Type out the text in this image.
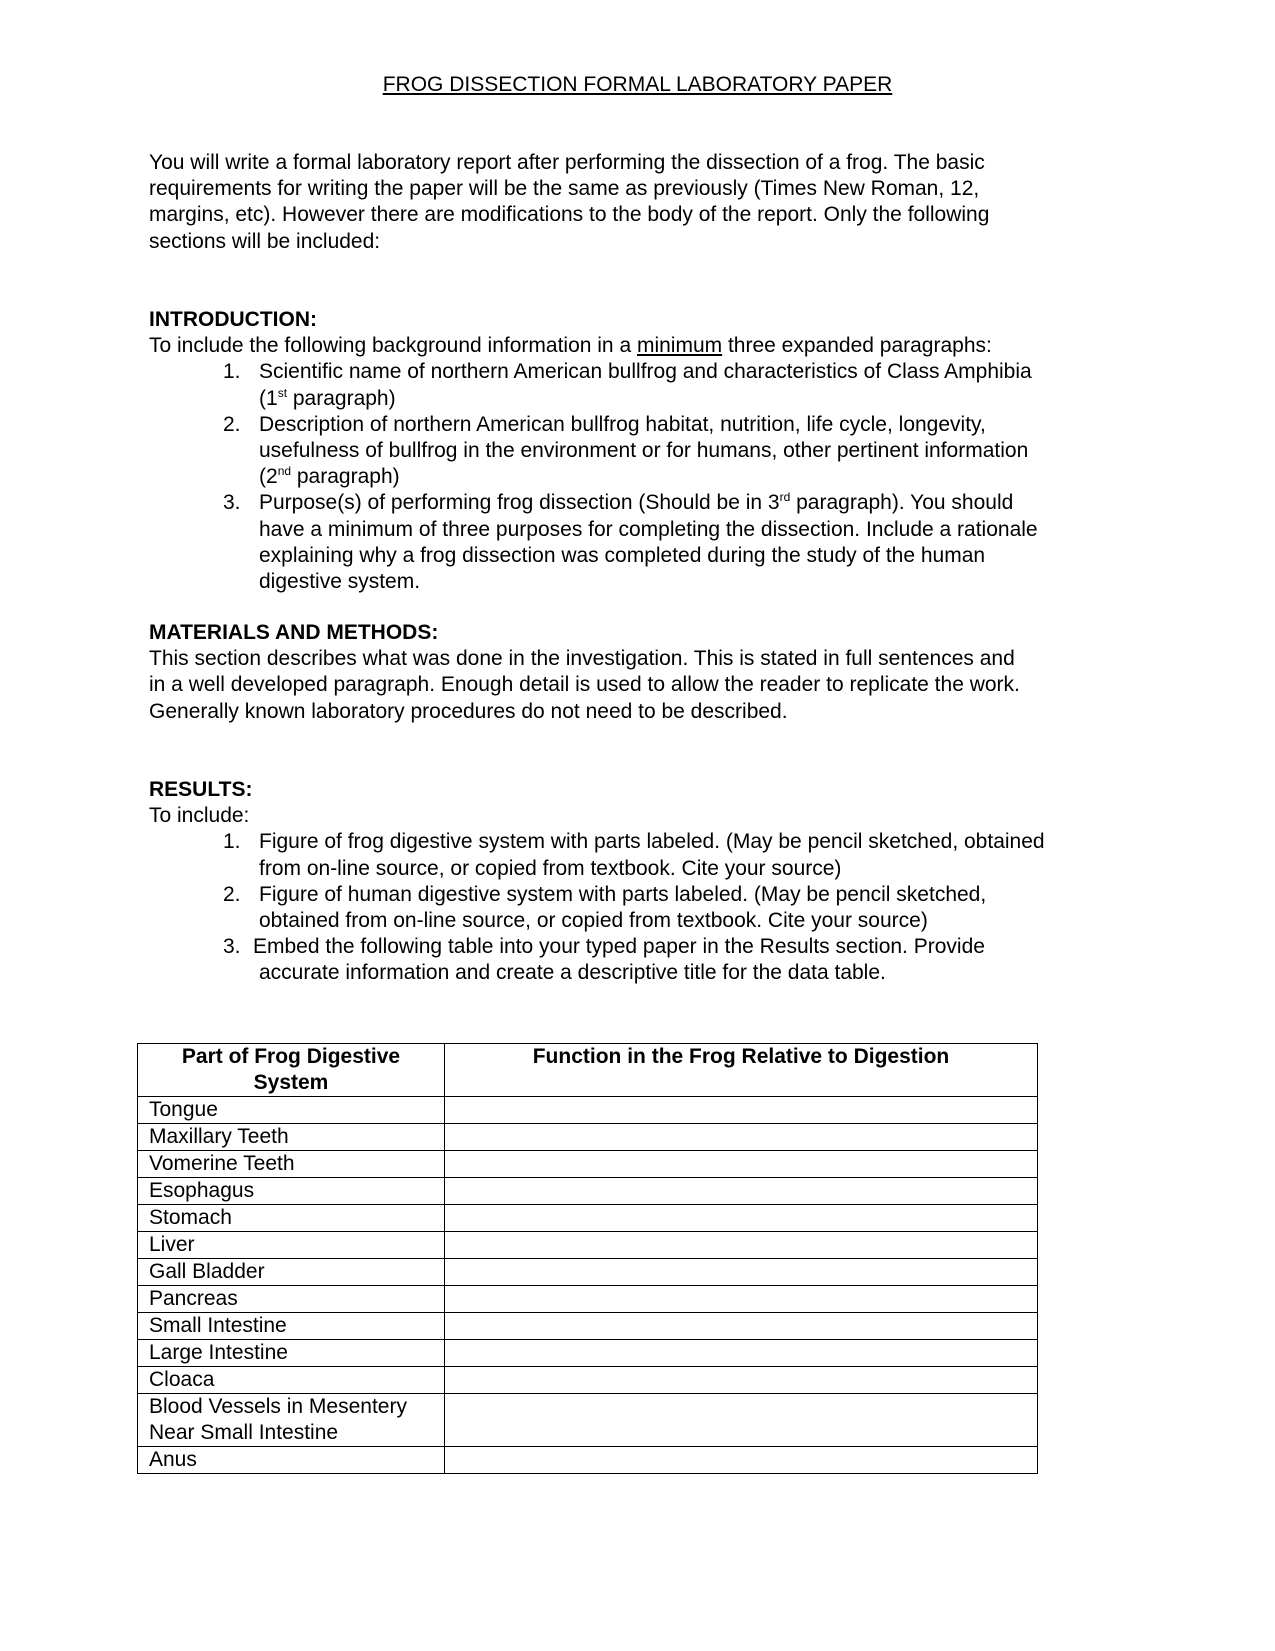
FROG DISSECTION FORMAL LABORATORY PAPER

You will write a formal laboratory report after performing the dissection of a frog. The basic

requirements for writing the paper will be the same as previously (Times New Roman, 12,

margins, etc). However there are modifications to the body of the report. Only the following

sections will be included:

INTRODUCTION:

To include the following background information in a minimum three expanded paragraphs:

1. Scientific name of northern American bullfrog and characteristics of Class Amphibia
(1st paragraph)
2. Description of northern American bullfrog habitat, nutrition, life cycle, longevity,
usefulness of bullfrog in the environment or for humans, other pertinent information
(2nd paragraph)
3. Purpose(s) of performing frog dissection (Should be in 3rd paragraph). You should
have a minimum of three purposes for completing the dissection. Include a rationale
explaining why a frog dissection was completed during the study of the human
digestive system.

MATERIALS AND METHODS:

This section describes what was done in the investigation. This is stated in full sentences and

in a well developed paragraph. Enough detail is used to allow the reader to replicate the work.

Generally known laboratory procedures do not need to be described.

RESULTS:

To include:

1. Figure of frog digestive system with parts labeled. (May be pencil sketched, obtained
from on-line source, or copied from textbook. Cite your source)
2. Figure of human digestive system with parts labeled. (May be pencil sketched,
obtained from on-line source, or copied from textbook. Cite your source)
3. Embed the following table into your typed paper in the Results section. Provide
accurate information and create a descriptive title for the data table.
Part of Frog Digestive
System	Function in the Frog Relative to Digestion
Tongue	
Maxillary Teeth	
Vomerine Teeth	
Esophagus	
Stomach	
Liver	
Gall Bladder	
Pancreas	
Small Intestine	
Large Intestine	
Cloaca	

Blood Vessels in Mesentery
Near Small Intestine	

Anus	
